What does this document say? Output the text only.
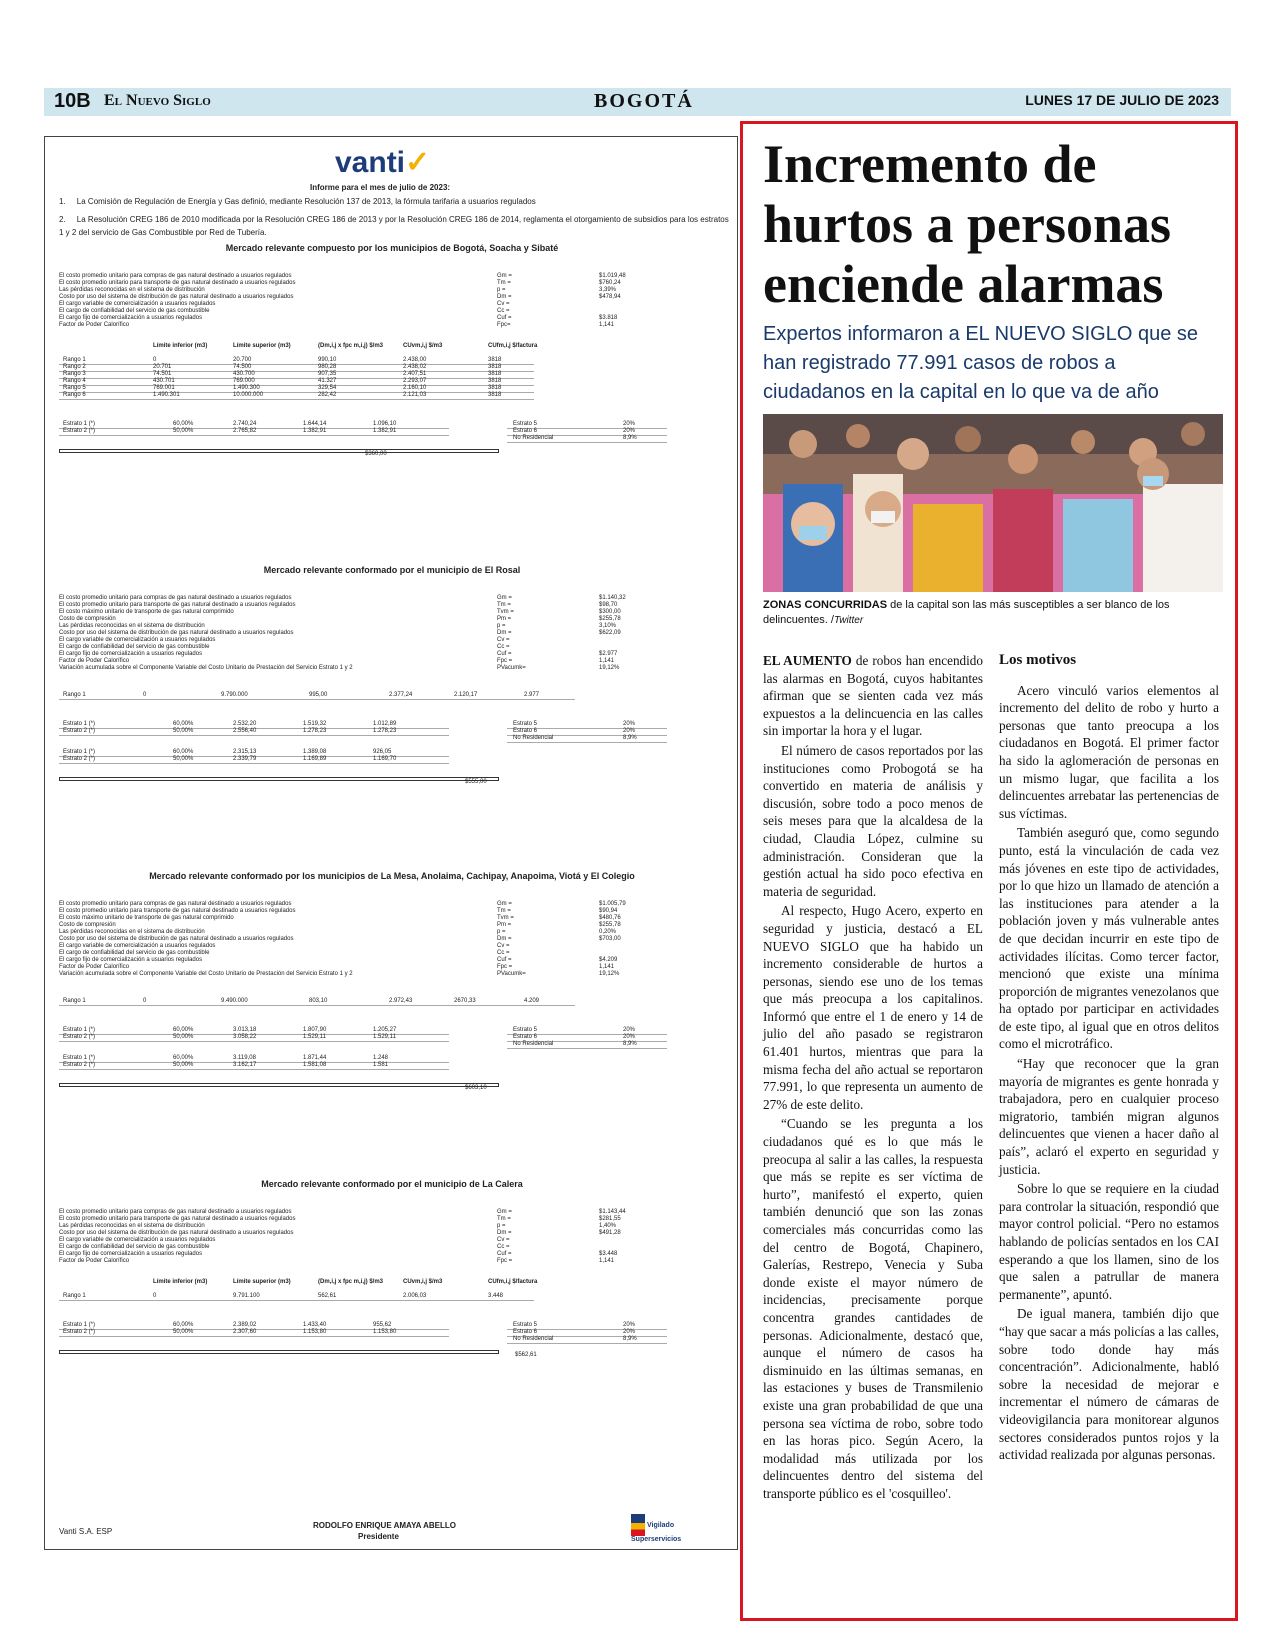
10B El Nuevo Siglo	BOGOTÁ	LUNES 17 DE JULIO DE 2023
vanti✓
Informe para el mes de julio de 2023:
1.     La Comisión de Regulación de Energía y Gas definió, mediante Resolución 137 de 2013, la fórmula tarifaria a usuarios regulados
2.     La Resolución CREG 186 de 2010 modificada por la Resolución CREG 186 de 2013 y por la Resolución CREG 186 de 2014, reglamenta el otorgamiento de subsidios para los estratos 1 y 2 del servicio de Gas Combustible por Red de Tubería.
Mercado relevante compuesto por los municipios de Bogotá, Soacha y Sibaté
El costo promedio unitario para compras de gas natural destinado a usuarios regulados	Gm =	$1.019,48
El costo promedio unitario para transporte de gas natural destinado a usuarios regulados	Tm =	$760,24
Las pérdidas reconocidas en el sistema de distribución	p =	3,39%
Costo por uso del sistema de distribución de gas natural destinado a usuarios regulados	Dm =	$478,94
El cargo variable de comercialización a usuarios regulados	Cv =
El cargo de confiabilidad del servicio de gas combustible	Cc =
El cargo fijo de comercialización a usuarios regulados	Cuf =	$3.818
Factor de Poder Calorífico	Fpc=	1,141
Límite inferior (m3)	Límite superior (m3)	(Dm,i,j x fpc m,i,j) $/m3	CUvm,i,j $/m3	CUfm,i,j $/factura
Rango 1	0	20.700	990,10	2.438,00	3818
Rango 2	20.701	74.500	980,28	2.438,02	3818
Rango 3	74.501	430.700	907,35	2.407,51	3818
Rango 4	430.701	769.000	41.327	2.293,07	3818
Rango 5	769.001	1.490.300	329,54	2.160,10	3818
Rango 6	1.490.301	10.000.000	282,42	2.121,03	3818
Estrato 1 (*)	60,00%	2.740,24	1.644,14	1.096,10
Estrato 2 (*)	50,00%	2.765,82	1.382,91	1.382,91
Estrato 5	20%
Estrato 6	20%
No Residencial	8,9%
$360,00
Mercado relevante conformado por el municipio de El Rosal
El costo promedio unitario para compras de gas natural destinado a usuarios regulados	Gm =	$1.140,32
El costo promedio unitario para transporte de gas natural destinado a usuarios regulados	Tm =	$98,70
El costo máximo unitario de transporte de gas natural comprimido	Tvm =	$300,00
Costo de compresión	Pm =	$255,78
Las pérdidas reconocidas en el sistema de distribución	p =	3,10%
Costo por uso del sistema de distribución de gas natural destinado a usuarios regulados	Dm =	$622,09
El cargo variable de comercialización a usuarios regulados	Cv =
El cargo de confiabilidad del servicio de gas combustible	Cc =
El cargo fijo de comercialización a usuarios regulados	Cuf =	$2.977
Factor de Poder Calorífico	Fpc =	1,141
Variación acumulada sobre el Componente Variable del Costo Unitario de Prestación del Servicio Estrato 1 y 2	PVacumk=	19,12%
Rango 1	0	9.790.000	995,00	2.377,24	2.120,17	2.977
Estrato 1 (*)	60,00%	2.532,20	1.519,32	1.012,89
Estrato 2 (*)	50,00%	2.556,40	1.278,23	1.278,23
Estrato 1 (*)	60,00%	2.315,13	1.389,08	926,05
Estrato 2 (*)	50,00%	2.339,79	1.169,89	1.169,70
Estrato 5	20%
Estrato 6	20%
No Residencial	8,9%
$555,00
Mercado relevante conformado por los municipios de La Mesa, Anolaima, Cachipay, Anapoima, Viotá y El Colegio
El costo promedio unitario para compras de gas natural destinado a usuarios regulados	Gm =	$1.005,79
El costo promedio unitario para transporte de gas natural destinado a usuarios regulados	Tm =	$90,94
El costo máximo unitario de transporte de gas natural comprimido	Tvm =	$480,76
Costo de compresión	Pm =	$255,78
Las pérdidas reconocidas en el sistema de distribución	p =	0,20%
Costo por uso del sistema de distribución de gas natural destinado a usuarios regulados	Dm =	$703,00
El cargo variable de comercialización a usuarios regulados	Cv =
El cargo de confiabilidad del servicio de gas combustible	Cc =
El cargo fijo de comercialización a usuarios regulados	Cuf =	$4.209
Factor de Poder Calorífico	Fpc =	1,141
Variación acumulada sobre el Componente Variable del Costo Unitario de Prestación del Servicio Estrato 1 y 2	PVacumk=	19,12%
Rango 1	0	9.490.000	803,10	2.972,43	2670,33	4.209
Estrato 1 (*)	60,00%	3.013,18	1.807,90	1.205,27
Estrato 2 (*)	50,00%	3.058,22	1.529,11	1.529,11
Estrato 1 (*)	60,00%	3.119,08	1.871,44	1.248
Estrato 2 (*)	50,00%	3.162,17	1.581,08	1.581
Estrato 5	20%
Estrato 6	20%
No Residencial	8,9%
$603,10
Mercado relevante conformado por el municipio de La Calera
El costo promedio unitario para compras de gas natural destinado a usuarios regulados	Gm =	$1.143,44
El costo promedio unitario para transporte de gas natural destinado a usuarios regulados	Tm =	$281,55
Las pérdidas reconocidas en el sistema de distribución	p =	1,40%
Costo por uso del sistema de distribución de gas natural destinado a usuarios regulados	Dm =	$491,28
El cargo variable de comercialización a usuarios regulados	Cv =
El cargo de confiabilidad del servicio de gas combustible	Cc =
El cargo fijo de comercialización a usuarios regulados	Cuf =	$3.448
Factor de Poder Calorífico	Fpc =	1,141
Límite inferior (m3)	Límite superior (m3)	(Dm,i,j x fpc m,i,j) $/m3	CUvm,i,j $/m3	CUfm,i,j $/factura
Rango 1	0	9.791.100	562,61	2.006,03	3.448
Estrato 1 (*)	60,00%	2.389,02	1.433,40	955,62
Estrato 2 (*)	50,00%	2.307,60	1.153,80	1.153,80
Estrato 5	20%
Estrato 6	20%
No Residencial	8,9%
$562,61
Vanti S.A. ESP
RODOLFO ENRIQUE AMAYA ABELLO
Presidente
Vigilado Superservicios
Incremento de hurtos a personas enciende alarmas
Expertos informaron a EL NUEVO SIGLO que se han registrado 77.991 casos de robos a ciudadanos en la capital en lo que va de año
ZONAS CONCURRIDAS de la capital son las más susceptibles a ser blanco de los delincuentes. /Twitter

EL AUMENTO de robos han encendido las alarmas en Bogotá, cuyos habitantes afirman que se sienten cada vez más expuestos a la delincuencia en las calles sin importar la hora y el lugar.

El número de casos reportados por las instituciones como Probogotá se ha convertido en materia de análisis y discusión, sobre todo a poco menos de seis meses para que la alcaldesa de la ciudad, Claudia López, culmine su administración. Consideran que la gestión actual ha sido poco efectiva en materia de seguridad.

Al respecto, Hugo Acero, experto en seguridad y justicia, destacó a EL NUEVO SIGLO que ha habido un incremento considerable de hurtos a personas, siendo ese uno de los temas que más preocupa a los capitalinos. Informó que entre el 1 de enero y 14 de julio del año pasado se registraron 61.401 hurtos, mientras que para la misma fecha del año actual se reportaron 77.991, lo que representa un aumento de 27% de este delito.

“Cuando se les pregunta a los ciudadanos qué es lo que más le preocupa al salir a las calles, la respuesta que más se repite es ser víctima de hurto”, manifestó el experto, quien también denunció que son las zonas comerciales más concurridas como las del centro de Bogotá, Chapinero, Galerías, Restrepo, Venecia y Suba donde existe el mayor número de incidencias, precisamente porque concentra grandes cantidades de personas. Adicionalmente, destacó que, aunque el número de casos ha disminuido en las últimas semanas, en las estaciones y buses de Transmilenio existe una gran probabilidad de que una persona sea víctima de robo, sobre todo en las horas pico. Según Acero, la modalidad más utilizada por los delincuentes dentro del sistema del transporte público es el 'cosquilleo'.

Los motivos

Acero vinculó varios elementos al incremento del delito de robo y hurto a personas que tanto preocupa a los ciudadanos en Bogotá. El primer factor ha sido la aglomeración de personas en un mismo lugar, que facilita a los delincuentes arrebatar las pertenencias de sus víctimas.

También aseguró que, como segundo punto, está la vinculación de cada vez más jóvenes en este tipo de actividades, por lo que hizo un llamado de atención a las instituciones para atender a la población joven y más vulnerable antes de que decidan incurrir en este tipo de actividades ilícitas. Como tercer factor, mencionó que existe una mínima proporción de migrantes venezolanos que ha optado por participar en actividades de este tipo, al igual que en otros delitos como el microtráfico.

“Hay que reconocer que la gran mayoría de migrantes es gente honrada y trabajadora, pero en cualquier proceso migratorio, también migran algunos delincuentes que vienen a hacer daño al país”, aclaró el experto en seguridad y justicia.

Sobre lo que se requiere en la ciudad para controlar la situación, respondió que mayor control policial. “Pero no estamos hablando de policías sentados en los CAI esperando a que los llamen, sino de los que salen a patrullar de manera permanente”, apuntó.

De igual manera, también dijo que “hay que sacar a más policías a las calles, sobre todo donde hay más concentración”. Adicionalmente, habló sobre la necesidad de mejorar e incrementar el número de cámaras de videovigilancia para monitorear algunos sectores considerados puntos rojos y la actividad realizada por algunas personas.
